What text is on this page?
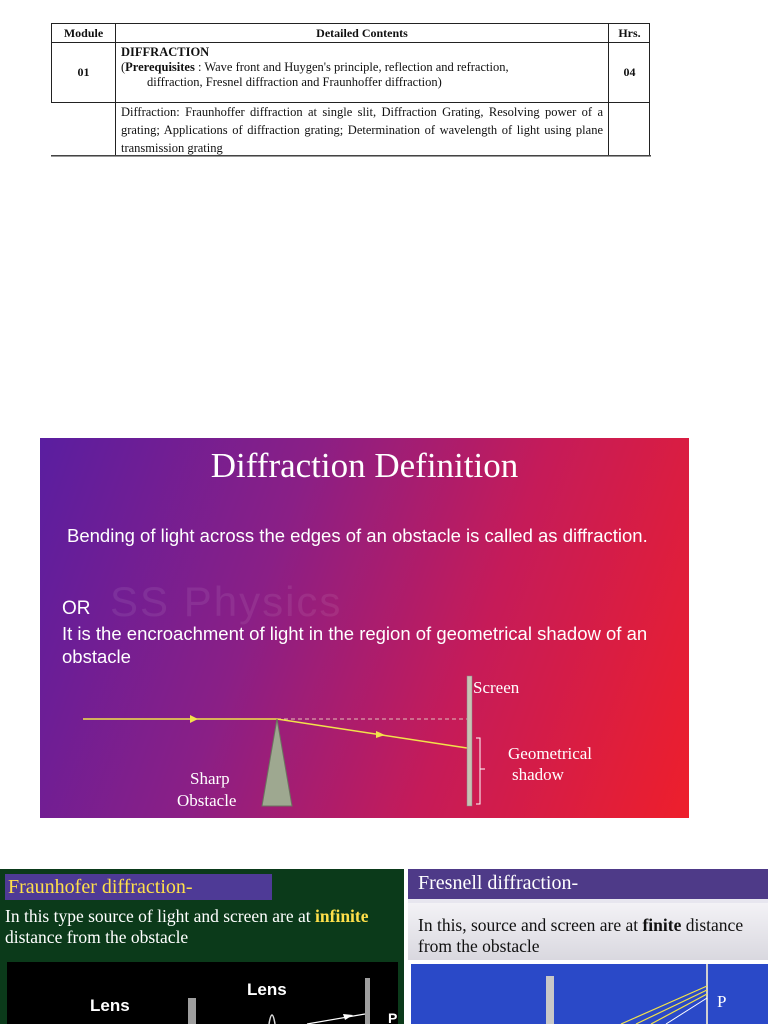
Module	Detailed Contents	Hrs.
01
DIFFRACTION
(Prerequisites : Wave front and Huygen's principle, reflection and refraction,
diffraction, Fresnel diffraction and Fraunhoffer diffraction)
04
Diffraction: Fraunhoffer diffraction at single slit, Diffraction Grating, Resolving power of a grating; Applications of diffraction grating; Determination of wavelength of light using plane transmission grating
SS Physics
Diffraction Definition
Bending of light across the edges of an obstacle is called as diffraction.
OR
It is the encroachment of light in the region of geometrical shadow of an obstacle
Screen
Geometrical
shadow
Sharp
Obstacle
Fraunhofer diffraction-
In this type source of light and screen are at infinite distance from the obstacle
Lens
Lens
P
Fresnell diffraction-
In this, source and screen are at finite distance from the obstacle
P
